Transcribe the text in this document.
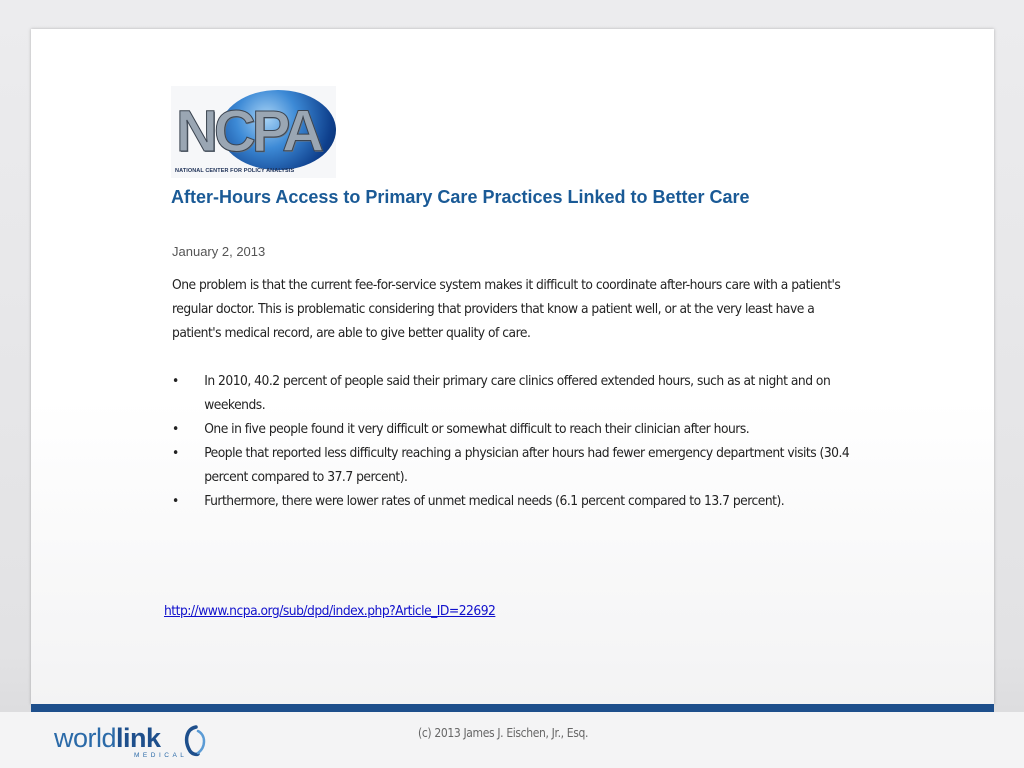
NCPA
NATIONAL CENTER FOR POLICY ANALYSIS
After-Hours Access to Primary Care Practices Linked to Better Care
January 2, 2013

One problem is that the current fee-for-service system makes it difficult to coordinate after-hours care with a patient's regular doctor. This is problematic considering that providers that know a patient well, or at the very least have a patient's medical record, are able to give better quality of care.

• In 2010, 40.2 percent of people said their primary care clinics offered extended hours, such as at night and on weekends.
• One in five people found it very difficult or somewhat difficult to reach their clinician after hours.
• People that reported less difficulty reaching a physician after hours had fewer emergency department visits (30.4 percent compared to 37.7 percent).
• Furthermore, there were lower rates of unmet medical needs (6.1 percent compared to 13.7 percent).
http://www.ncpa.org/sub/dpd/index.php?Article_ID=22692
worldlink
MEDICAL
(c) 2013 James J. Eischen, Jr., Esq.
